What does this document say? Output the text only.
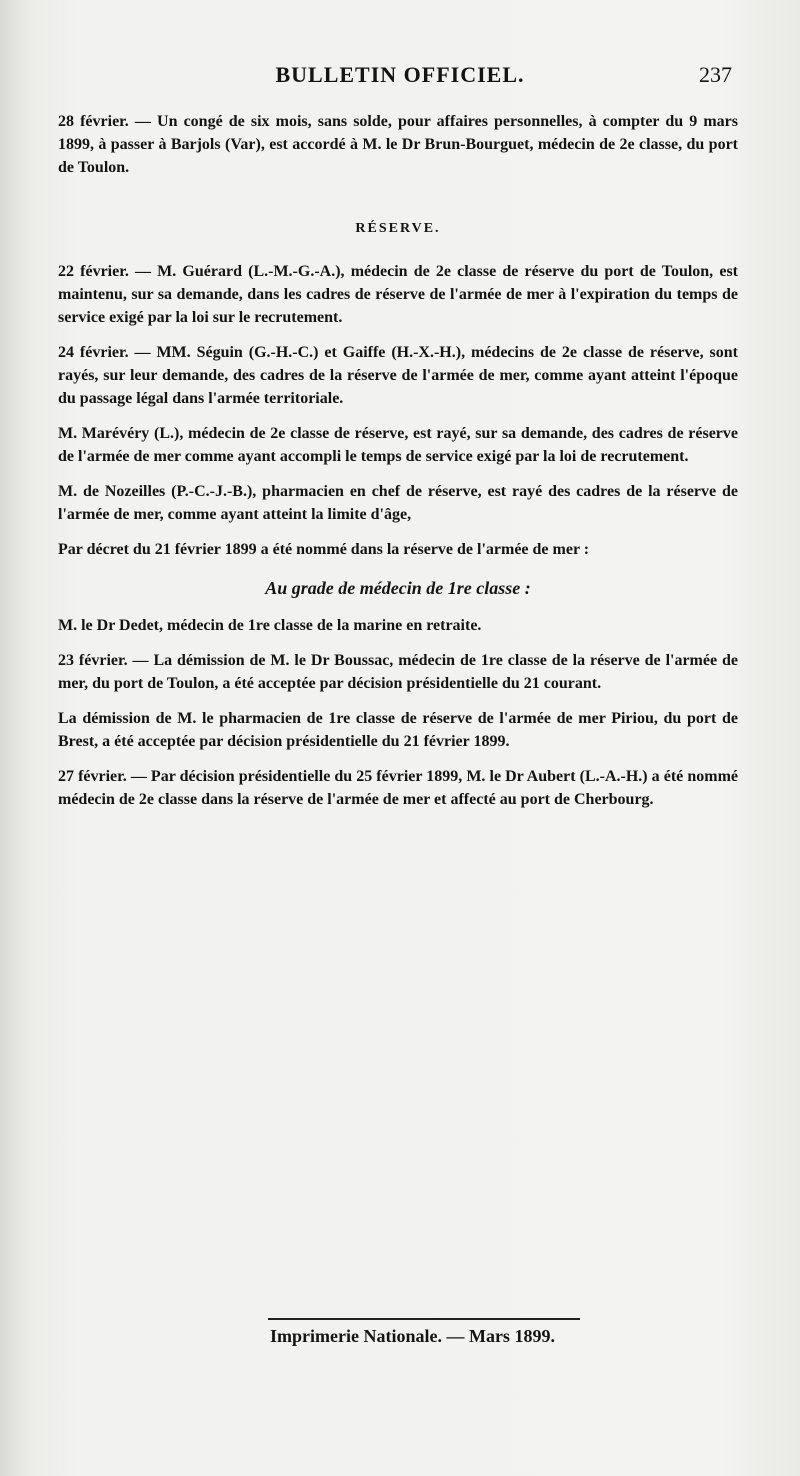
BULLETIN OFFICIEL.	237

28 février. — Un congé de six mois, sans solde, pour affaires personnelles, à compter du 9 mars 1899, à passer à Barjols (Var), est accordé à M. le Dr Brun-Bourguet, médecin de 2e classe, du port de Toulon.

RÉSERVE.

22 février. — M. Guérard (L.-M.-G.-A.), médecin de 2e classe de réserve du port de Toulon, est maintenu, sur sa demande, dans les cadres de réserve de l'armée de mer à l'expiration du temps de service exigé par la loi sur le recrutement.

24 février. — MM. Séguin (G.-H.-C.) et Gaiffe (H.-X.-H.), médecins de 2e classe de réserve, sont rayés, sur leur demande, des cadres de la réserve de l'armée de mer, comme ayant atteint l'époque du passage légal dans l'armée territoriale.

M. Marévéry (L.), médecin de 2e classe de réserve, est rayé, sur sa demande, des cadres de réserve de l'armée de mer comme ayant accompli le temps de service exigé par la loi de recrutement.

M. de Nozeilles (P.-C.-J.-B.), pharmacien en chef de réserve, est rayé des cadres de la réserve de l'armée de mer, comme ayant atteint la limite d'âge,

Par décret du 21 février 1899 a été nommé dans la réserve de l'armée de mer :

Au grade de médecin de 1re classe :

M. le Dr Dedet, médecin de 1re classe de la marine en retraite.

23 février. — La démission de M. le Dr Boussac, médecin de 1re classe de la réserve de l'armée de mer, du port de Toulon, a été acceptée par décision présidentielle du 21 courant.

La démission de M. le pharmacien de 1re classe de réserve de l'armée de mer Piriou, du port de Brest, a été acceptée par décision présidentielle du 21 février 1899.

27 février. — Par décision présidentielle du 25 février 1899, M. le Dr Aubert (L.-A.-H.) a été nommé médecin de 2e classe dans la réserve de l'armée de mer et affecté au port de Cherbourg.

Imprimerie Nationale. — Mars 1899.
